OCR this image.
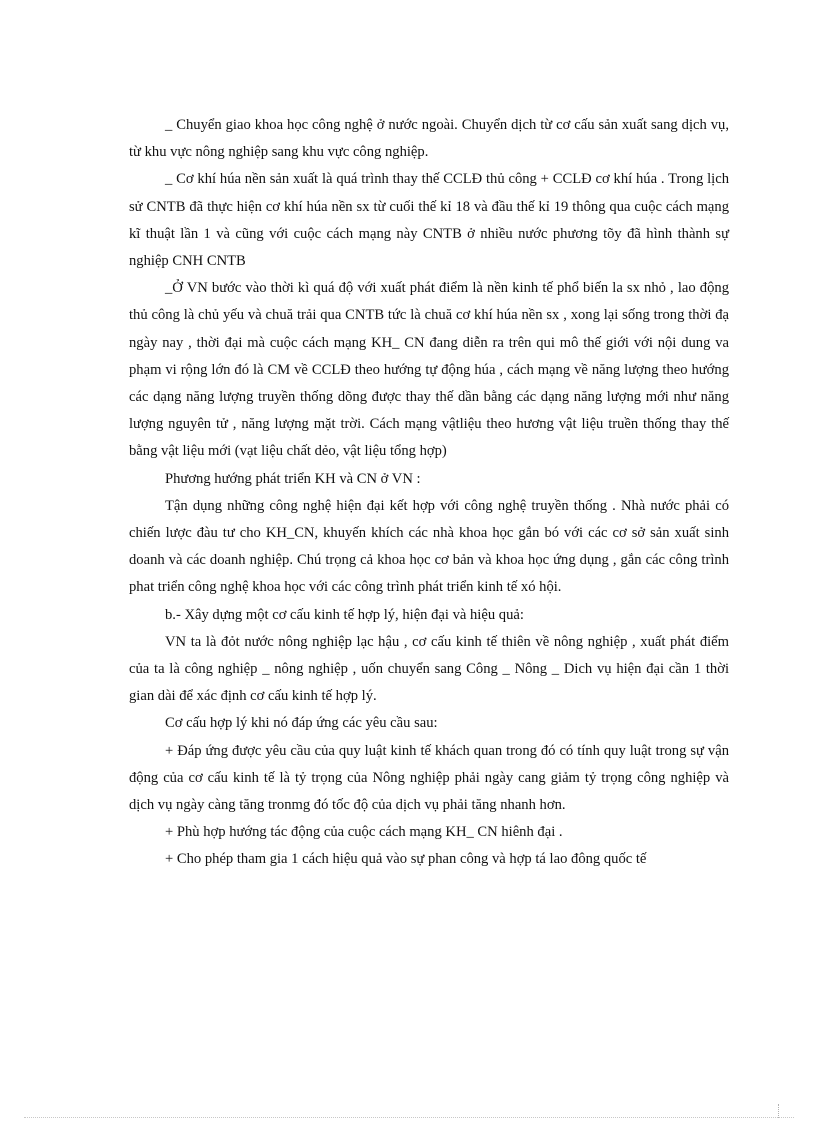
_ Chuyển giao khoa học công nghệ ở nước ngoài. Chuyển dịch từ cơ cấu sản xuất sang dịch vụ, từ khu vực nông nghiệp sang khu vực công nghiệp.

_ Cơ khí húa nền sản xuất là quá trình thay thế CCLĐ thủ công + CCLĐ cơ khí húa . Trong lịch sử CNTB đã thực hiện cơ khí húa nền sx từ cuối thế kỉ 18 và đầu thế kỉ 19 thông qua cuộc cách mạng kĩ thuật lần 1 và cũng với cuộc cách mạng này CNTB ở nhiều nước phương tõy đã hình thành sự nghiệp CNH CNTB

_Ở VN bước vào thời kì quá độ với xuất phát điểm là nền kinh tế phổ biến la sx nhỏ , lao động thủ công là chủ yếu và chuă trải qua CNTB tức là chuă cơ khí húa nền sx , xong lại sống trong thời đạ ngày nay , thời đại mà cuộc cách mạng KH_ CN đang diễn ra trên qui mô thế giới với nội dung va phạm vi rộng lớn đó là CM về CCLĐ theo hướng tự động húa , cách mạng về năng lượng theo hướng các dạng năng lượng truyền thống dõng được thay thế dần bằng các dạng năng lượng mới như năng lượng nguyên tử , năng lượng mặt trời. Cách mạng vậtliệu theo hương vật liệu truền thống thay thế bằng vật liệu mới (vạt liệu chất dẻo, vật liệu tổng hợp)

Phương hướng phát triển KH và CN ở VN :

Tận dụng những công nghệ hiện đại kết hợp với công nghệ truyền thống . Nhà nước phải có chiến lược đàu tư cho KH_CN, khuyến khích các nhà khoa học gắn bó với các cơ sở sản xuất sinh doanh và các doanh nghiệp. Chú trọng cả khoa học cơ bản và khoa học ứng dụng , gắn các công trình phat triển công nghệ khoa học với các công trình phát triển kinh tế xó hội.

b.- Xây dựng một cơ cấu kinh tế hợp lý, hiện đại và hiệu quả:

VN ta là đỏt nước nông nghiệp lạc hậu , cơ cấu kinh tế thiên về nông nghiệp , xuất phát điểm của ta là công nghiệp _ nông nghiệp , uốn chuyển sang Công _ Nông _ Dich vụ hiện đại cần 1 thời gian dài để xác định cơ cấu kinh tế hợp lý.

Cơ cấu hợp lý khi nó đáp ứng các yêu cầu sau:

+ Đáp ứng được yêu cầu của quy luật kinh tế khách quan trong đó có tính quy luật trong sự vận động của cơ cấu kinh tế là tỷ trọng của Nông nghiệp phải ngày cang giảm tỷ trọng công nghiệp và dịch vụ ngày càng tăng tronmg đó tốc độ của dịch vụ phải tăng nhanh hơn.

+ Phù hợp hướng tác động của cuộc cách mạng KH_ CN hiênh đại .

+ Cho phép tham gia 1 cách hiệu quả vào sự phan công và hợp tá lao đông quốc tế
